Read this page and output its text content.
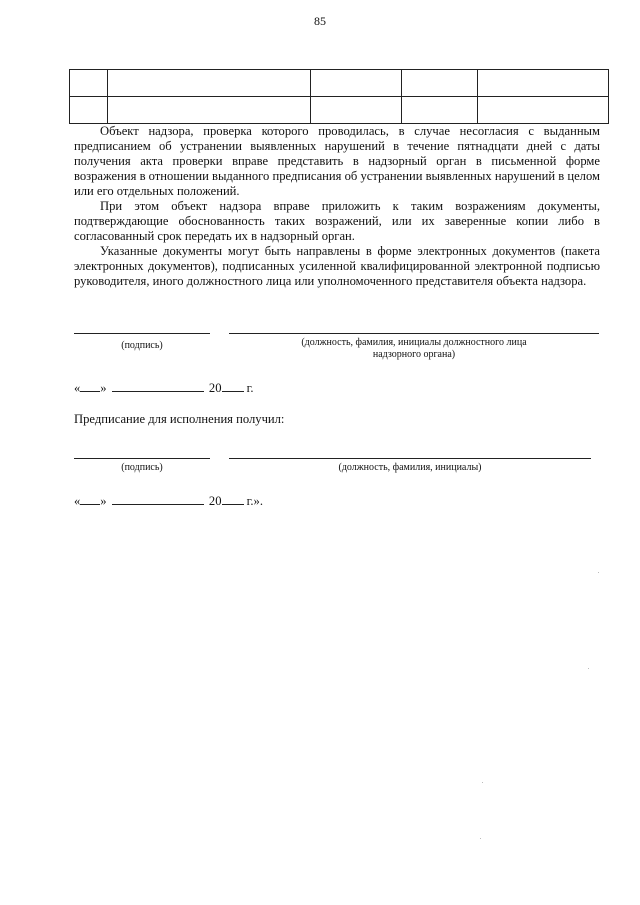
85

Объект надзора, проверка которого проводилась, в случае несогласия с выданным предписанием об устранении выявленных нарушений в течение пятнадцати дней с даты получения акта проверки вправе представить в надзорный орган в письменной форме возражения в отношении выданного предписания об устранении выявленных нарушений в целом или его отдельных положений.

При этом объект надзора вправе приложить к таким возражениям документы, подтверждающие обоснованность таких возражений, или их заверенные копии либо в согласованный срок передать их в надзорный орган.

Указанные документы могут быть направлены в форме электронных документов (пакета электронных документов), подписанных усиленной квалифицированной электронной подписью руководителя, иного должностного лица или уполномоченного представителя объекта надзора.

(подпись)	(должность, фамилия, инициалы должностного лица
надзорного органа)
« »	20 г.
Предписание для исполнения получил:
(подпись)	(должность, фамилия, инициалы)
« »	20 г.».
